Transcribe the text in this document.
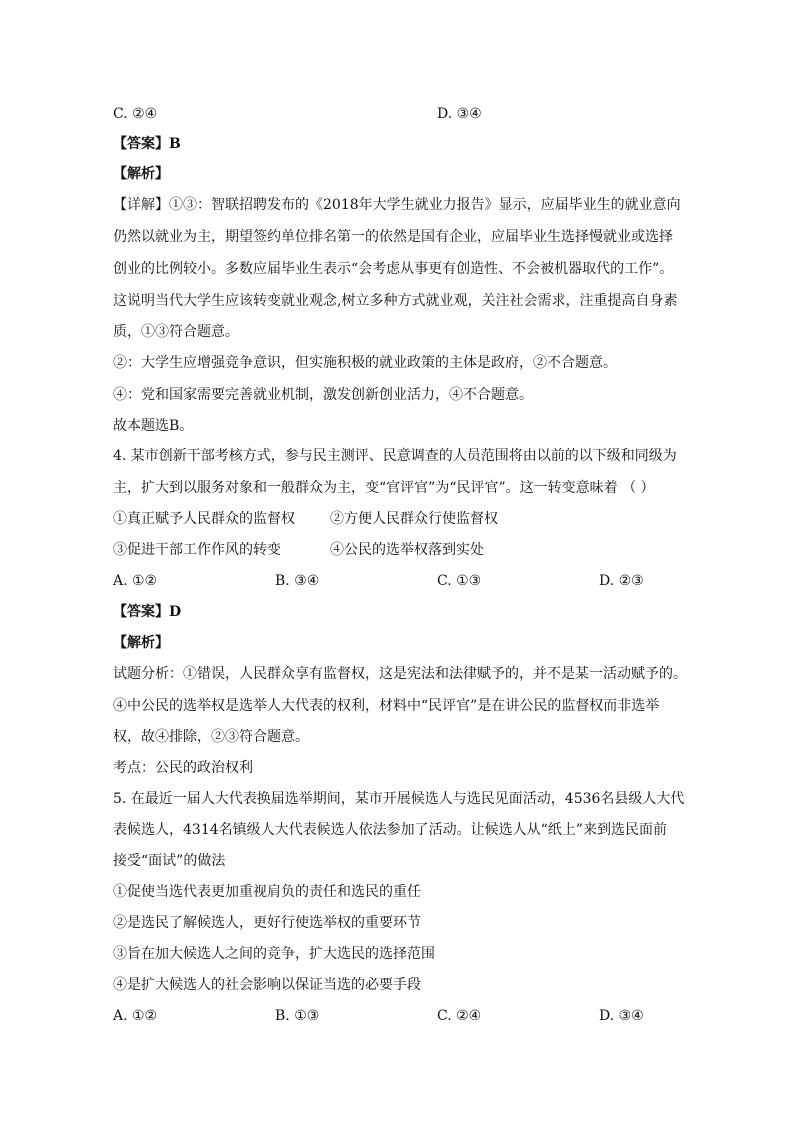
C. ②④	D. ③④
【答案】B
【解析】
【详解】①③：智联招聘发布的《2018年大学生就业力报告》显示，应届毕业生的就业意向
仍然以就业为主，期望签约单位排名第一的依然是国有企业，应届毕业生选择慢就业或选择
创业的比例较小。多数应届毕业生表示“会考虑从事更有创造性、不会被机器取代的工作”。
这说明当代大学生应该转变就业观念,树立多种方式就业观，关注社会需求，注重提高自身素
质，①③符合题意。
②：大学生应增强竞争意识，但实施积极的就业政策的主体是政府，②不合题意。
④：党和国家需要完善就业机制，激发创新创业活力，④不合题意。
故本题选B。
4. 某市创新干部考核方式，参与民主测评、民意调查的人员范围将由以前的以下级和同级为
主，扩大到以服务对象和一般群众为主，变“官评官”为“民评官”。这一转变意味着 （ ）
①真正赋予人民群众的监督权	②方便人民群众行使监督权
③促进干部工作作风的转变	④公民的选举权落到实处
A. ①②	B. ③④	C. ①③	D. ②③
【答案】D
【解析】
试题分析：①错误，人民群众享有监督权，这是宪法和法律赋予的，并不是某一活动赋予的。
④中公民的选举权是选举人大代表的权利，材料中“民评官”是在讲公民的监督权而非选举
权，故④排除，②③符合题意。
考点：公民的政治权利
5. 在最近一届人大代表换届选举期间，某市开展候选人与选民见面活动，4536名县级人大代
表候选人，4314名镇级人大代表候选人依法参加了活动。让候选人从“纸上”来到选民面前
接受“面试”的做法
①促使当选代表更加重视肩负的责任和选民的重任
②是选民了解候选人，更好行使选举权的重要环节
③旨在加大候选人之间的竞争，扩大选民的选择范围
④是扩大候选人的社会影响以保证当选的必要手段
A. ①②	B. ①③	C. ②④	D. ③④
